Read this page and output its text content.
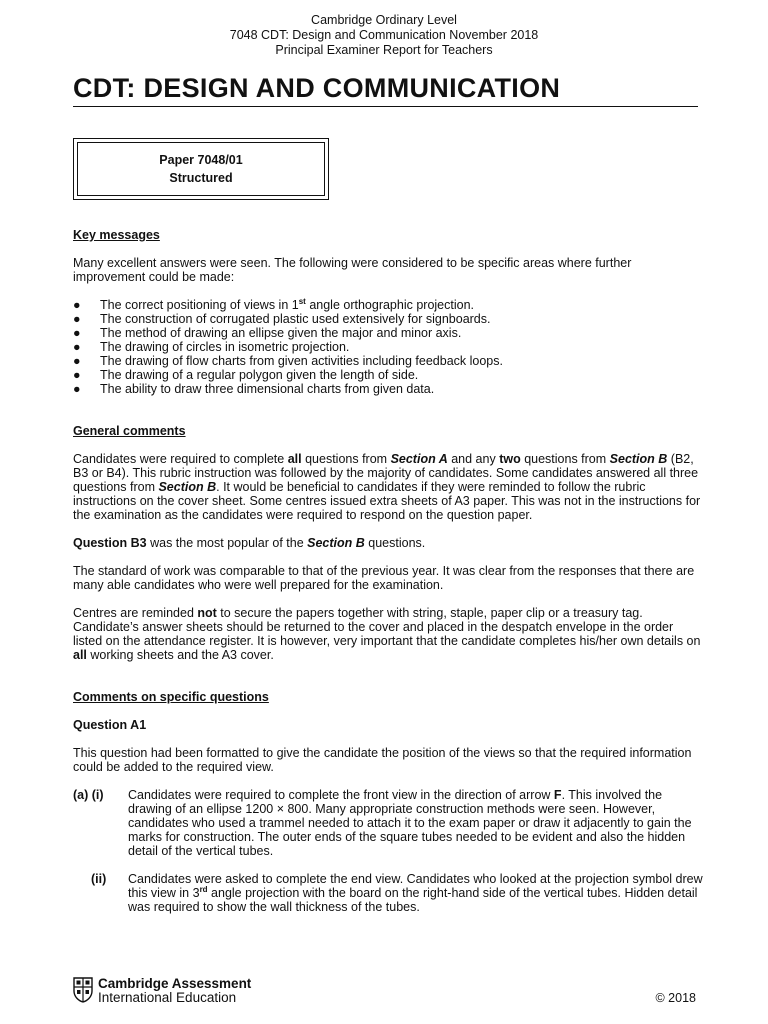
Cambridge Ordinary Level
7048 CDT: Design and Communication November 2018
Principal Examiner Report for Teachers
CDT: DESIGN AND COMMUNICATION
Paper 7048/01
Structured
Key messages

Many excellent answers were seen. The following were considered to be specific areas where further improvement could be made:

● The correct positioning of views in 1st angle orthographic projection.
● The construction of corrugated plastic used extensively for signboards.
● The method of drawing an ellipse given the major and minor axis.
● The drawing of circles in isometric projection.
● The drawing of flow charts from given activities including feedback loops.
● The drawing of a regular polygon given the length of side.
● The ability to draw three dimensional charts from given data.
General comments

Candidates were required to complete all questions from Section A and any two questions from Section B (B2, B3 or B4). This rubric instruction was followed by the majority of candidates. Some candidates answered all three questions from Section B. It would be beneficial to candidates if they were reminded to follow the rubric instructions on the cover sheet. Some centres issued extra sheets of A3 paper. This was not in the instructions for the examination as the candidates were required to respond on the question paper.

Question B3 was the most popular of the Section B questions.

The standard of work was comparable to that of the previous year. It was clear from the responses that there are many able candidates who were well prepared for the examination.

Centres are reminded not to secure the papers together with string, staple, paper clip or a treasury tag. Candidate’s answer sheets should be returned to the cover and placed in the despatch envelope in the order listed on the attendance register. It is however, very important that the candidate completes his/her own details on all working sheets and the A3 cover.

Comments on specific questions
Question A1

This question had been formatted to give the candidate the position of the views so that the required information could be added to the required view.

(a) (i) Candidates were required to complete the front view in the direction of arrow F. This involved the drawing of an ellipse 1200 × 800. Many appropriate construction methods were seen. However, candidates who used a trammel needed to attach it to the exam paper or draw it adjacently to gain the marks for construction. The outer ends of the square tubes needed to be evident and also the hidden detail of the vertical tubes.
(ii) Candidates were asked to complete the end view. Candidates who looked at the projection symbol drew this view in 3rd angle projection with the board on the right-hand side of the vertical tubes. Hidden detail was required to show the wall thickness of the tubes.
Cambridge Assessment
International Education	© 2018
